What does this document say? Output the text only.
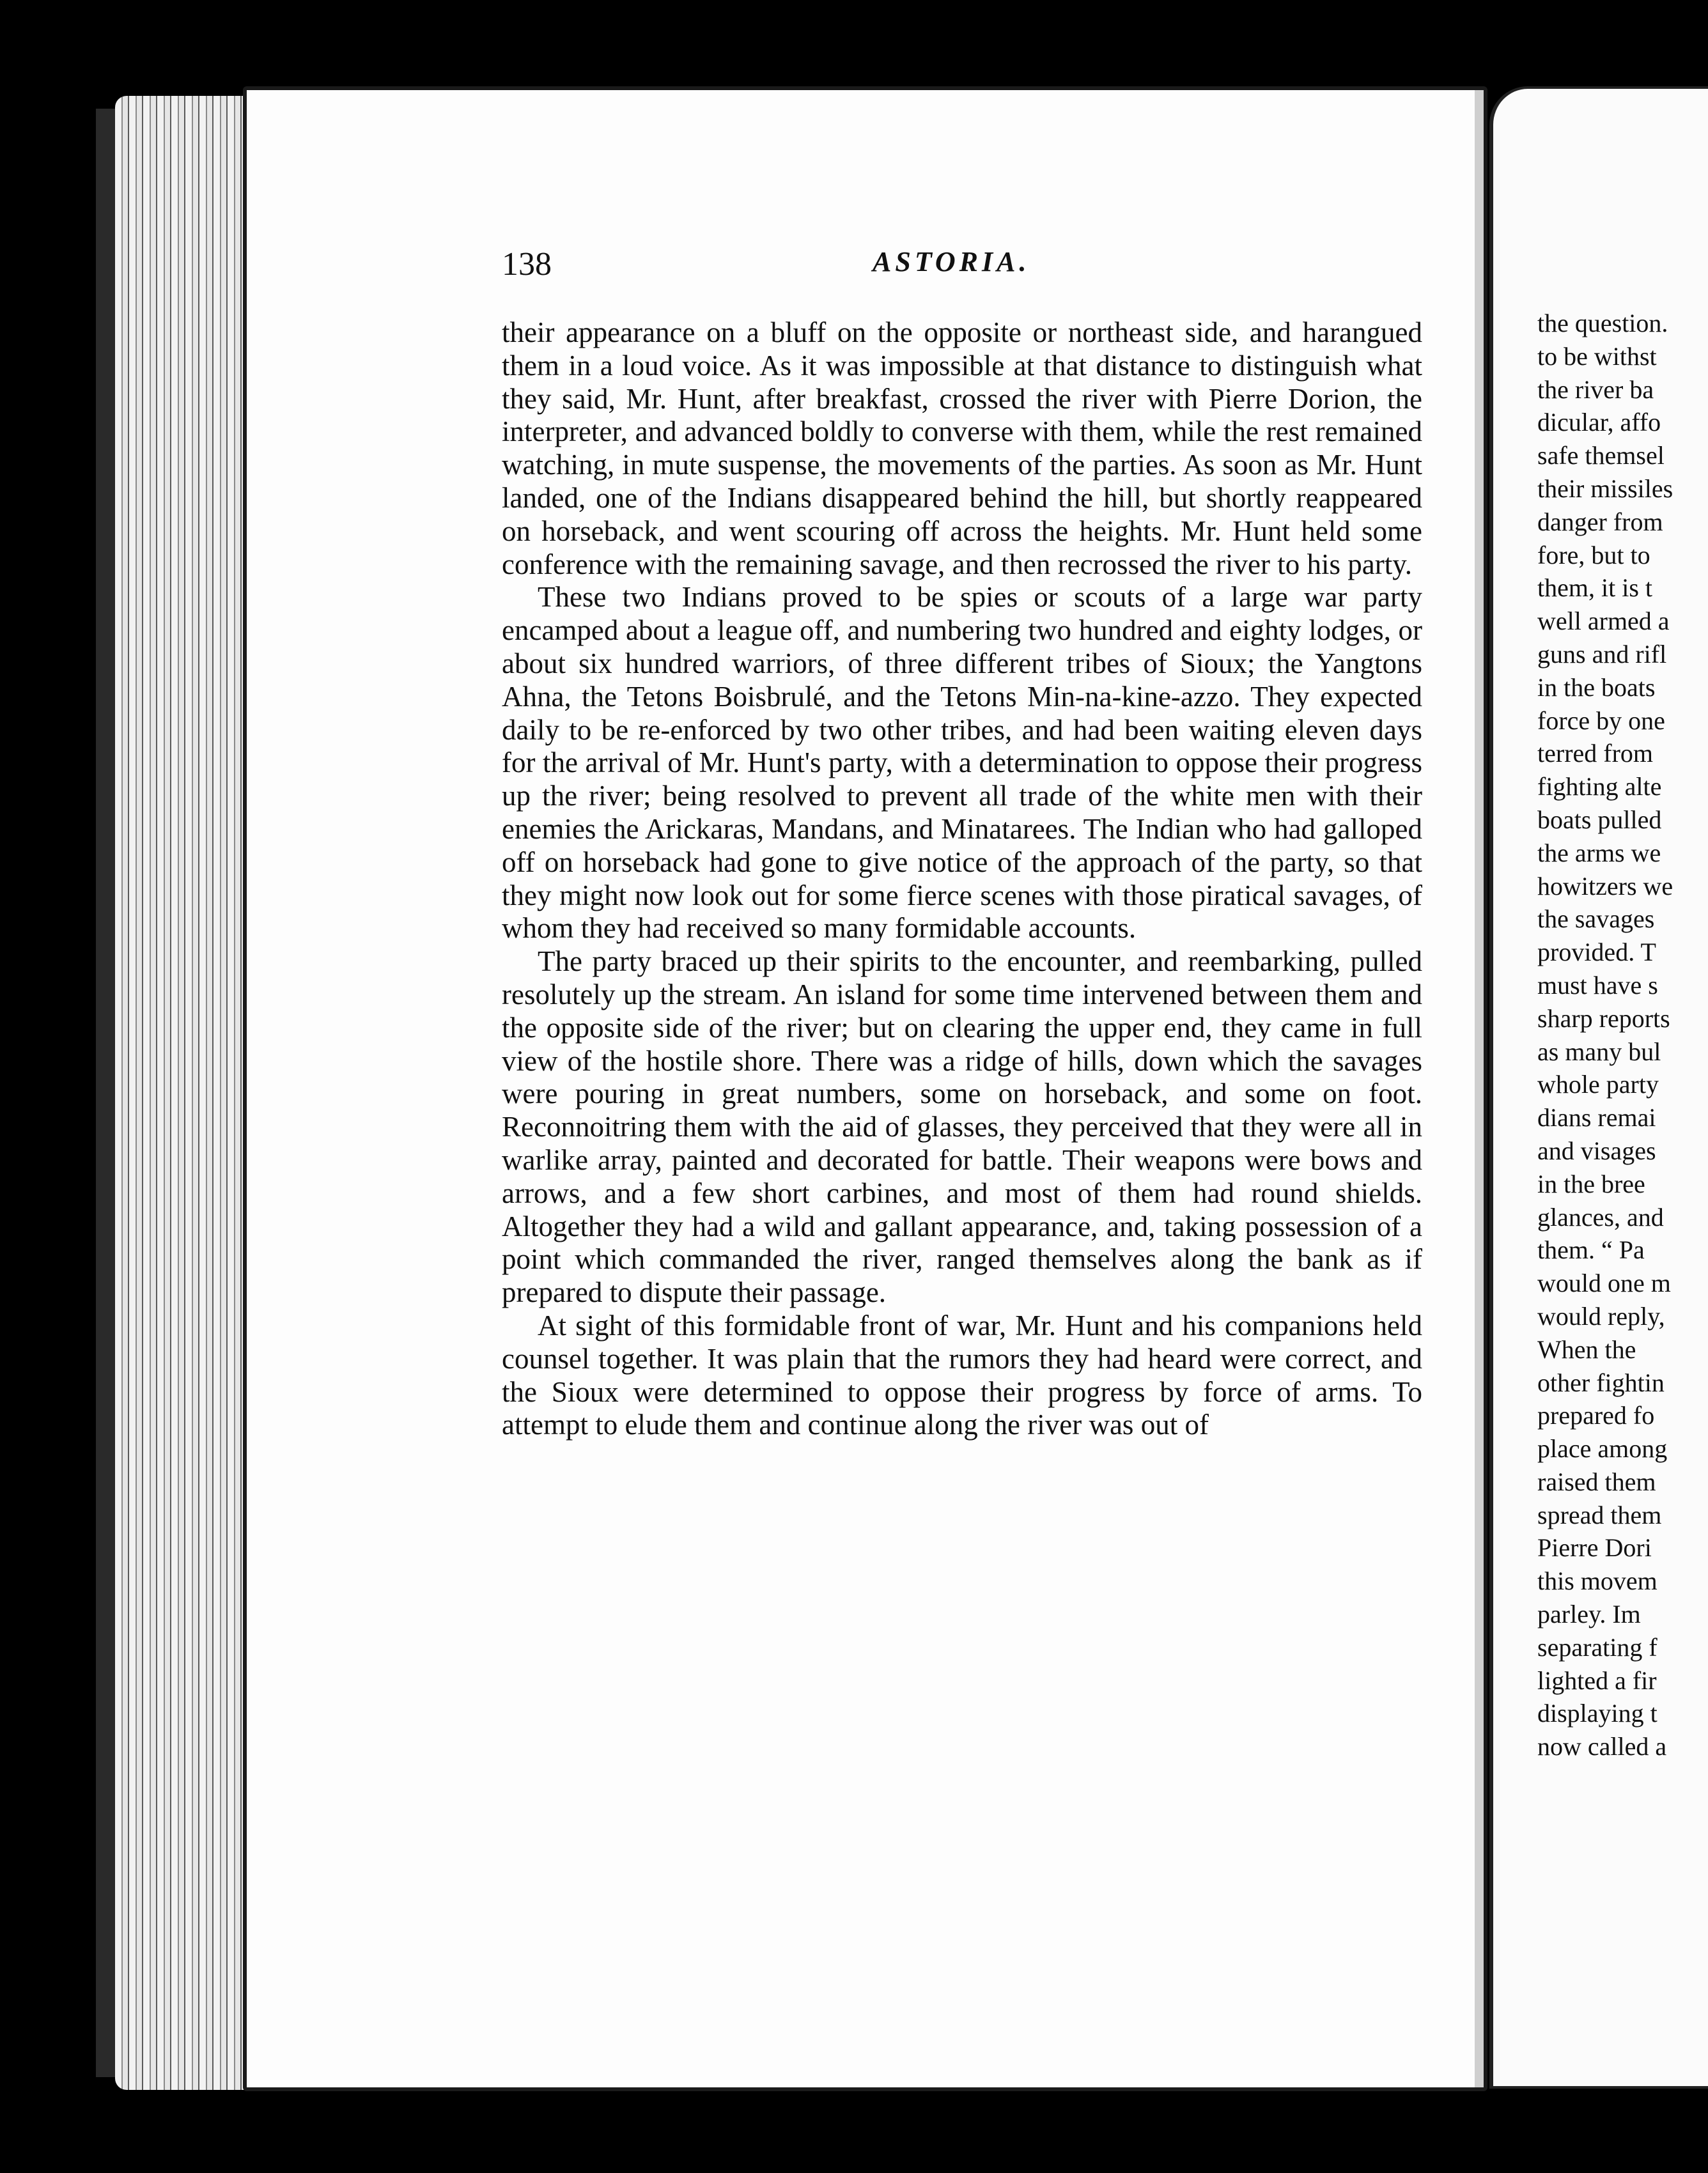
138	ASTORIA.

their appearance on a bluff on the opposite or northeast side, and harangued them in a loud voice. As it was impossible at that distance to distinguish what they said, Mr. Hunt, after breakfast, crossed the river with Pierre Dorion, the interpreter, and advanced boldly to converse with them, while the rest remained watching, in mute suspense, the movements of the parties. As soon as Mr. Hunt landed, one of the Indians disappeared behind the hill, but shortly reappeared on horseback, and went scouring off across the heights. Mr. Hunt held some conference with the remaining savage, and then recrossed the river to his party.

These two Indians proved to be spies or scouts of a large war party encamped about a league off, and numbering two hundred and eighty lodges, or about six hundred warriors, of three different tribes of Sioux; the Yangtons Ahna, the Tetons Boisbrulé, and the Tetons Min-na-kine-azzo. They expected daily to be re-enforced by two other tribes, and had been waiting eleven days for the arrival of Mr. Hunt's party, with a determination to oppose their progress up the river; being resolved to prevent all trade of the white men with their enemies the Arickaras, Mandans, and Minatarees. The Indian who had galloped off on horseback had gone to give notice of the approach of the party, so that they might now look out for some fierce scenes with those piratical savages, of whom they had received so many formidable accounts.

The party braced up their spirits to the encounter, and reembarking, pulled resolutely up the stream. An island for some time intervened between them and the opposite side of the river; but on clearing the upper end, they came in full view of the hostile shore. There was a ridge of hills, down which the savages were pouring in great numbers, some on horseback, and some on foot. Reconnoitring them with the aid of glasses, they perceived that they were all in warlike array, painted and decorated for battle. Their weapons were bows and arrows, and a few short carbines, and most of them had round shields. Altogether they had a wild and gallant appearance, and, taking possession of a point which commanded the river, ranged themselves along the bank as if prepared to dispute their passage.

At sight of this formidable front of war, Mr. Hunt and his companions held counsel together. It was plain that the rumors they had heard were correct, and the Sioux were determined to oppose their progress by force of arms. To attempt to elude them and continue along the river was out of

the question.
to be withst
the river ba
dicular, affo
safe themsel
their missiles
danger from
fore, but to
them, it is t
well armed a
guns and rifl
in the boats
force by one
terred from
fighting alte
boats pulled
the arms we
howitzers we
the savages
provided. T
must have s
sharp reports
as many bul
whole party
dians remai
and visages
in the bree
glances, and
them. “ Pa
would one m
would reply,
When the
other fightin
prepared fo
place among
raised them
spread them
Pierre Dori
this movem
parley. Im
separating f
lighted a fir
displaying t
now called a
